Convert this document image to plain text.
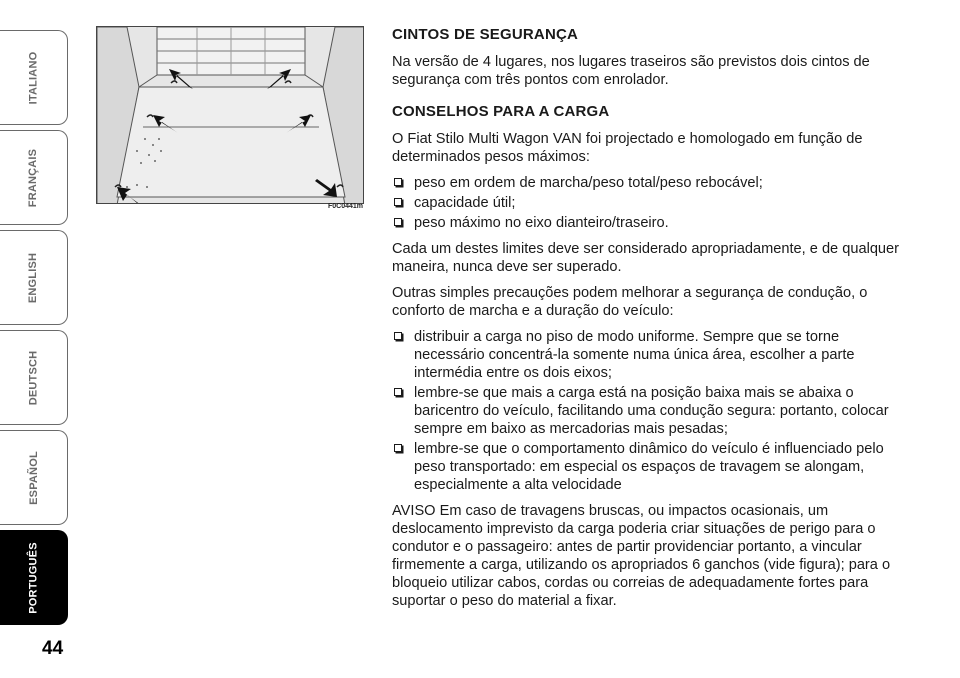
ITALIANO
FRANÇAIS
ENGLISH
DEUTSCH
ESPAÑOL
PORTUGUÊS
44
F0C0441m
CINTOS DE SEGURANÇA

Na versão de 4 lugares, nos lugares traseiros são previstos dois cintos de segurança com três pontos com enrolador.

CONSELHOS PARA A CARGA

O Fiat Stilo Multi Wagon VAN foi projectado e homologado em função de determinados pesos máximos:

peso em ordem de marcha/peso total/peso rebocável;
capacidade útil;
peso máximo no eixo dianteiro/traseiro.

Cada um destes limites deve ser considerado apropriadamente, e de qualquer maneira, nunca deve ser superado.

Outras simples precauções podem melhorar a segurança de condução, o conforto de marcha e a duração do veículo:

distribuir a carga no piso de modo uniforme. Sempre que se torne necessário concentrá-la somente numa única área, escolher a parte intermédia entre os dois eixos;
lembre-se que mais a carga está na posição baixa mais se abaixa o baricentro do veículo, facilitando uma condução segura: portanto, colocar sempre em baixo as mercadorias mais pesadas;
lembre-se que o comportamento dinâmico do veículo é influenciado pelo peso transportado: em especial os espaços de travagem se alongam, especialmente a alta velocidade

AVISO Em caso de travagens bruscas, ou impactos ocasionais, um deslocamento imprevisto da carga poderia criar situações de perigo para o condutor e o passageiro: antes de partir providenciar portanto, a vincular firmemente a carga, utilizando os apropriados 6 ganchos (vide figura); para o bloqueio utilizar cabos, cordas ou correias de adequadamente fortes para suportar o peso do material a fixar.
